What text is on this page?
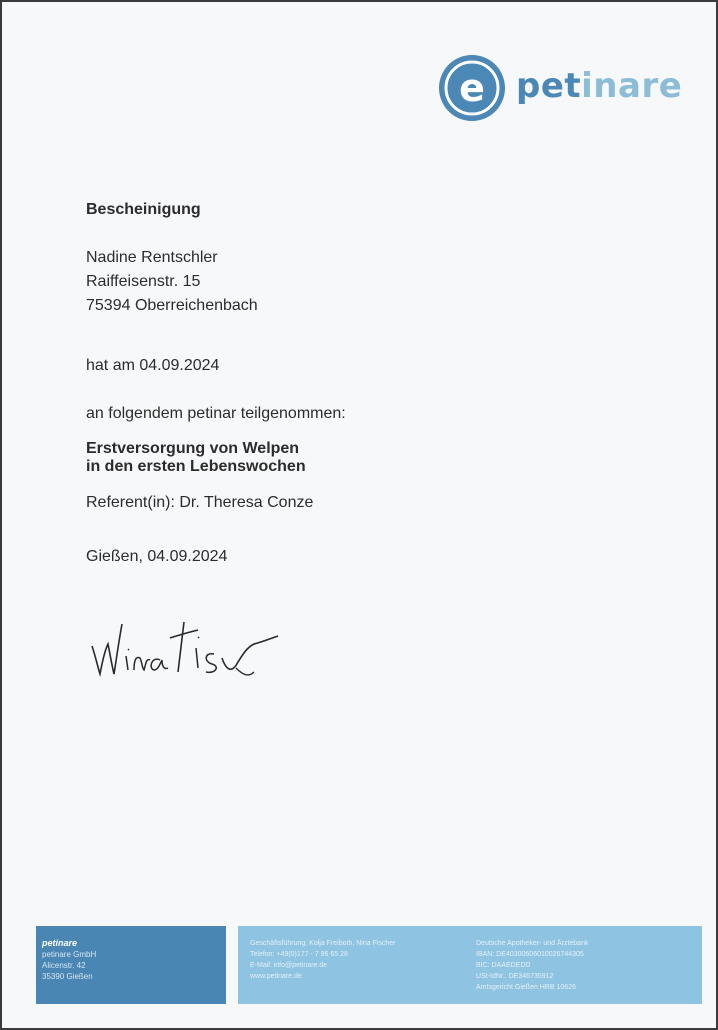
e petinare
Bescheinigung
Nadine Rentschler
Raiffeisenstr. 15
75394 Oberreichenbach
hat am 04.09.2024
an folgendem petinar teilgenommen:
Erstversorgung von Welpen
in den ersten Lebenswochen
Referent(in): Dr. Theresa Conze
Gießen, 04.09.2024
petinare
petinare GmbH
Alicenstr. 42
35390 Gießen
Geschäftsführung: Kolja Freiboth, Nina Fischer
Telefon: +49(0)177 - 7 96 65 28
E-Mail: info@petinare.de
www.petinare.de
Deutsche Apotheker- und Ärztebank
IBAN: DE40300606010026744305
BIC: DAAEDEDD
USt-IdNr.: DE346735912
Amtsgericht Gießen HRB 10626
